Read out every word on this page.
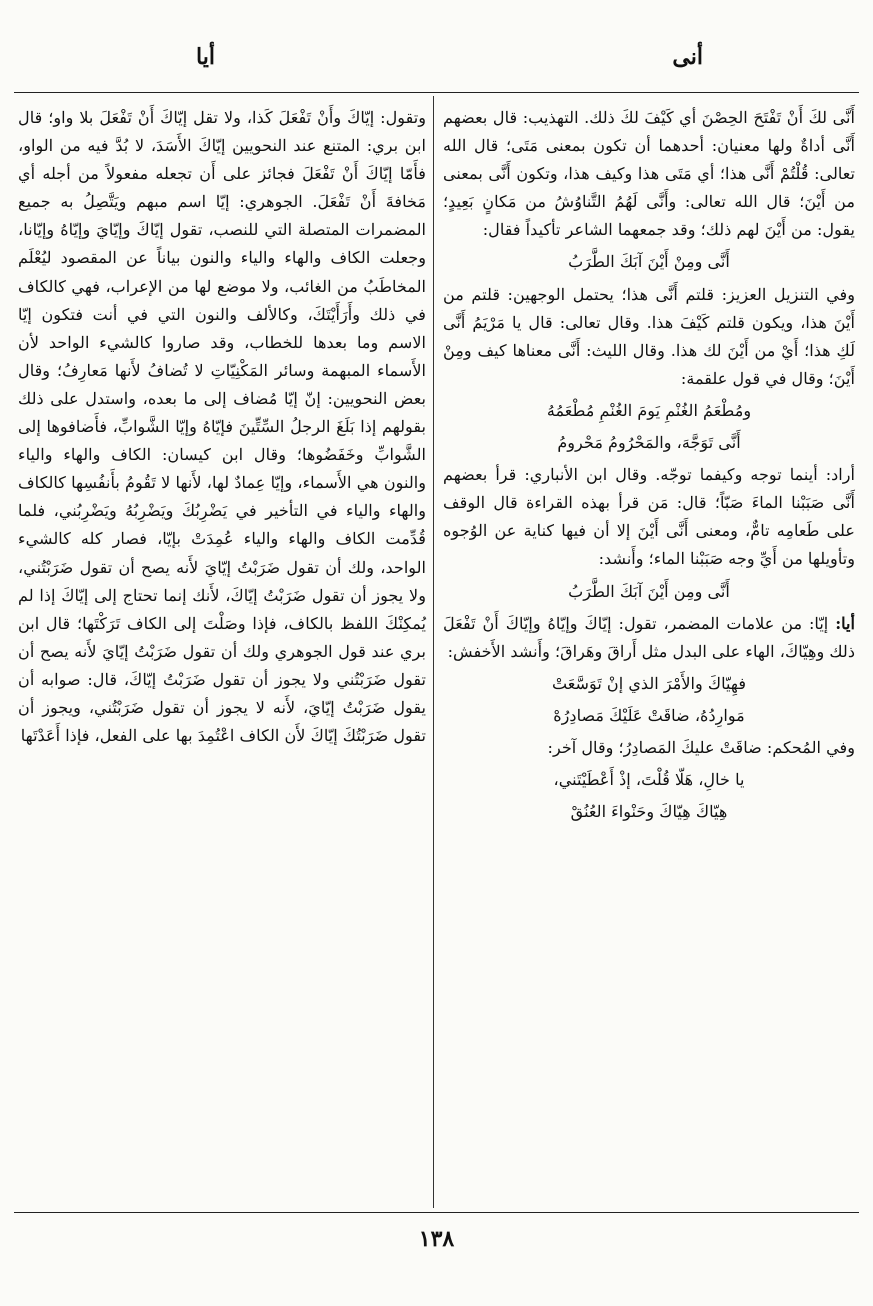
أنى
أيا

أَنَّى لكَ أَنْ تَفْتَحَ الحِصْنَ أي كَيْفَ لكَ ذلك. التهذيب: قال بعضهم أَنَّى أداةٌ ولها معنيان: أحدهما أن تكون بمعنى مَتَى؛ قال الله تعالى: قُلْتُمْ أَنَّى هذا؛ أي مَتَى هذا وكيف هذا، وتكون أَنَّى بمعنى من أَيْنَ؛ قال الله تعالى: وأَنَّى لَهُمُ التَّناوُشُ من مَكانٍ بَعِيدٍ؛ يقول: من أَيْنَ لهم ذلك؛ وقد جمعهما الشاعر تأكيداً فقال:

أَنَّى ومِنْ أَيْنَ آبَكَ الطَّرَبُ

وفي التنزيل العزيز: قلتم أَنَّى هذا؛ يحتمل الوجهين: قلتم من أَيْنَ هذا، ويكون قلتم كَيْفَ هذا. وقال تعالى: قال يا مَرْيَمُ أَنَّى لَكِ هذا؛ أَيْ من أَيْنَ لك هذا. وقال الليث: أَنَّى معناها كيف ومِنْ أَيْنَ؛ وقال في قول علقمة:

ومُطْعَمُ الغُنْمِ يَومَ الغُنْمِ مُطْعَمُهُ

أَنَّى تَوَجَّهَ، والمَحْرُومُ مَحْرومُ

أراد: أينما توجه وكيفما توجّه. وقال ابن الأنباري: قرأ بعضهم أَنَّى صَبَبْنا الماءَ صَبّاً؛ قال: مَن قرأ بهذه القراءة قال الوقف على طَعامِه تامٌّ، ومعنى أَنَّى أَيْنَ إلا أن فيها كناية عن الوُجوه وتأويلها من أَيِّ وجه صَبَبْنا الماء؛ وأَنشد:

أَنَّى ومِن أَيْنَ آبَكَ الطَّرَبُ

أيا: إيّا: من علامات المضمر، تقول: إيّاكَ وإيّاهُ وإيّاكَ أَنْ تَفْعَلَ ذلك وهِيّاكَ، الهاء على البدل مثل أَراقَ وهَراقَ؛ وأَنشد الأَخفش:

فهِيّاكَ والأَمْرَ الذي إنْ تَوَسَّعَتْ

مَوارِدُهُ، ضاقَتْ عَلَيْكَ مَصادِرُهْ

وفي المُحكم: ضاقَتْ عليكَ المَصادِرُ؛ وقال آخر:

يا خالِ، هَلّا قُلْتَ، إذْ أَعْطَيْتَني،

هِيّاكَ هِيّاكَ وحَنْواءَ العُنُقْ

وتقول: إيّاكَ وأَنْ تَفْعَلَ كَذا، ولا تقل إيّاكَ أَنْ تَفْعَلَ بلا واو؛ قال ابن بري: المتنع عند النحويين إيّاكَ الأَسَدَ، لا بُدَّ فيه من الواو، فأَمّا إيّاكَ أَنْ تَفْعَلَ فجائز على أَن تجعله مفعولاً من أجله أي مَخافةَ أَنْ تَفْعَلَ. الجوهري: إيّا اسم مبهم ويَتَّصِلُ به جميع المضمرات المتصلة التي للنصب، تقول إيّاكَ وإيّايَ وإيّاهُ وإيّانا، وجعلت الكاف والهاء والياء والنون بياناً عن المقصود ليُعْلَم المخاطَبُ من الغائب، ولا موضع لها من الإعراب، فهي كالكاف في ذلك وأَرَأَيْتَكَ، وكالألف والنون التي في أنت فتكون إيّا الاسم وما بعدها للخطاب، وقد صاروا كالشيء الواحد لأن الأَسماء المبهمة وسائر المَكْنِيّاتِ لا تُضافُ لأَنها مَعارِفُ؛ وقال بعض النحويين: إنّ إيّا مُضاف إلى ما بعده، واستدل على ذلك بقولهم إذا بَلَغَ الرجلُ السِّتِّينَ فإيّاهُ وإيّا الشَّوابِّ، فأَضافوها إلى الشَّوابِّ وخَفَضُوها؛ وقال ابن كيسان: الكاف والهاء والياء والنون هي الأَسماء، وإيّا عِمادٌ لها، لأَنها لا تَقُومُ بأَنفُسِها كالكاف والهاء والياء في التأخير في يَضْرِبُكَ ويَضْرِبُهُ ويَضْرِبُني، فلما قُدِّمت الكاف والهاء والياء عُمِدَتْ بإيّا، فصار كله كالشيء الواحد، ولك أن تقول ضَرَبْتُ إيّايَ لأَنه يصح أن تقول ضَرَبْتُني، ولا يجوز أن تقول ضَرَبْتُ إيّاكَ، لأَنك إنما تحتاج إلى إيّاكَ إذا لم يُمكِنْكَ اللفظ بالكاف، فإذا وصَلْتَ إلى الكاف تَرَكْتَها؛ قال ابن بري عند قول الجوهري ولك أن تقول ضَرَبْتُ إيّايَ لأَنه يصح أن تقول ضَرَبْتُني ولا يجوز أن تقول ضَرَبْتُ إيّاكَ، قال: صوابه أن يقول ضَرَبْتُ إيّايَ، لأَنه لا يجوز أن تقول ضَرَبْتُني، ويجوز أن تقول ضَرَبْتُكَ إيّاكَ لأَن الكاف اعْتُمِدَ بها على الفعل، فإذا أَعَدْتَها

١٣٨
